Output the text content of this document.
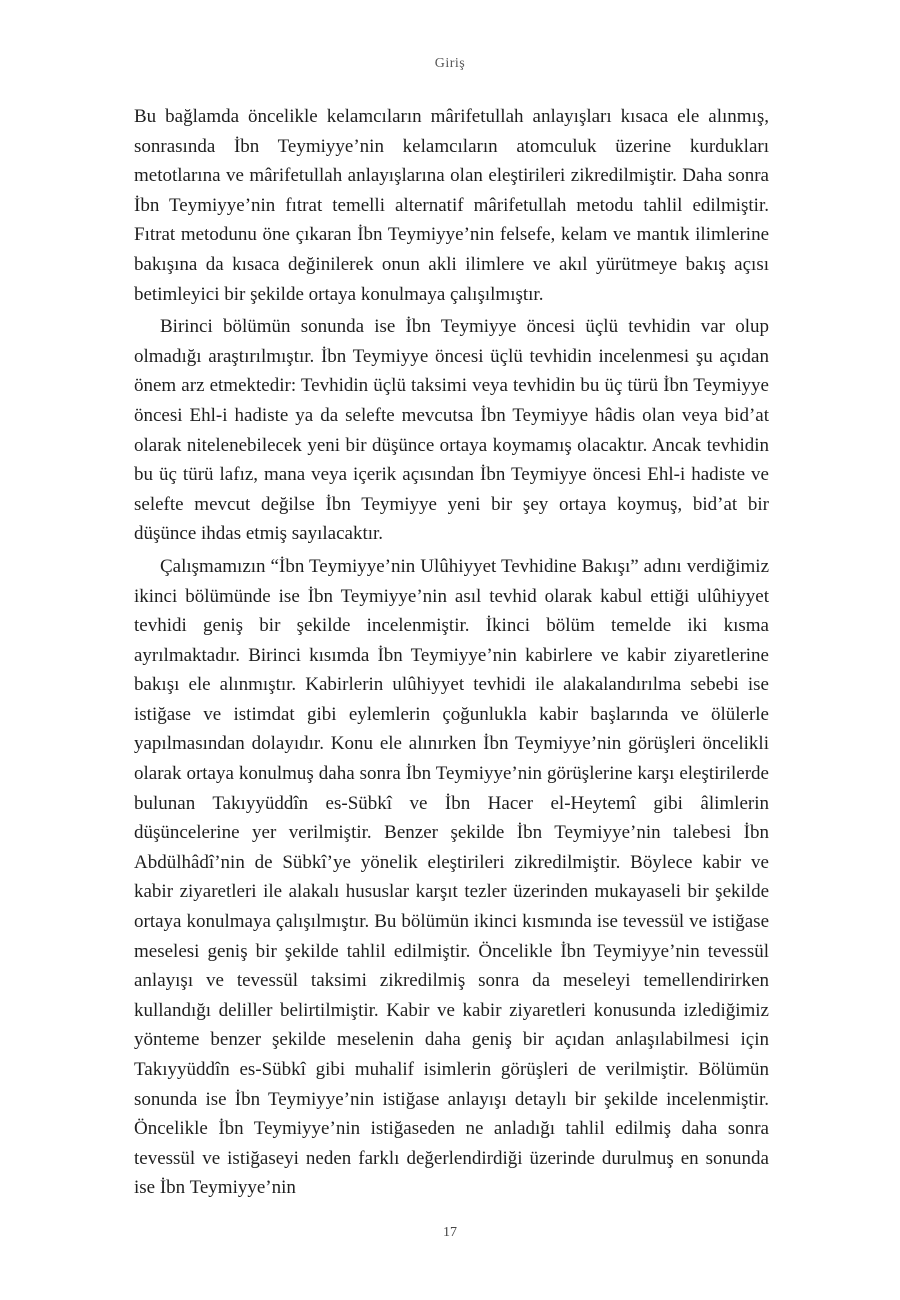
Giriş

Bu bağlamda öncelikle kelamcıların mârifetullah anlayışları kısaca ele alınmış, sonrasında İbn Teymiyye’nin kelamcıların atomculuk üzerine kurdukları metotlarına ve mârifetullah anlayışlarına olan eleştirileri zikredilmiştir. Daha sonra İbn Teymiyye’nin fıtrat temelli alternatif mârifetullah metodu tahlil edilmiştir. Fıtrat metodunu öne çıkaran İbn Teymiyye’nin felsefe, kelam ve mantık ilimlerine bakışına da kısaca değinilerek onun akli ilimlere ve akıl yürütmeye bakış açısı betimleyici bir şekilde ortaya konulmaya çalışılmıştır.

Birinci bölümün sonunda ise İbn Teymiyye öncesi üçlü tevhidin var olup olmadığı araştırılmıştır. İbn Teymiyye öncesi üçlü tevhidin incelenmesi şu açıdan önem arz etmektedir: Tevhidin üçlü taksimi veya tevhidin bu üç türü İbn Teymiyye öncesi Ehl-i hadiste ya da selefte mevcutsa İbn Teymiyye hâdis olan veya bid’at olarak nitelenebilecek yeni bir düşünce ortaya koymamış olacaktır. Ancak tevhidin bu üç türü lafız, mana veya içerik açısından İbn Teymiyye öncesi Ehl-i hadiste ve selefte mevcut değilse İbn Teymiyye yeni bir şey ortaya koymuş, bid’at bir düşünce ihdas etmiş sayılacaktır.

Çalışmamızın “İbn Teymiyye’nin Ulûhiyyet Tevhidine Bakışı” adını verdiğimiz ikinci bölümünde ise İbn Teymiyye’nin asıl tevhid olarak kabul ettiği ulûhiyyet tevhidi geniş bir şekilde incelenmiştir. İkinci bölüm temelde iki kısma ayrılmaktadır. Birinci kısımda İbn Teymiyye’nin kabirlere ve kabir ziyaretlerine bakışı ele alınmıştır. Kabirlerin ulûhiyyet tevhidi ile alakalandırılma sebebi ise istiğase ve istimdat gibi eylemlerin çoğunlukla kabir başlarında ve ölülerle yapılmasından dolayıdır. Konu ele alınırken İbn Teymiyye’nin görüşleri öncelikli olarak ortaya konulmuş daha sonra İbn Teymiyye’nin görüşlerine karşı eleştirilerde bulunan Takıyyüddîn es-Sübkî ve İbn Hacer el-Heytemî gibi âlimlerin düşüncelerine yer verilmiştir. Benzer şekilde İbn Teymiyye’nin talebesi İbn Abdülhâdî’nin de Sübkî’ye yönelik eleştirileri zikredilmiştir. Böylece kabir ve kabir ziyaretleri ile alakalı hususlar karşıt tezler üzerinden mukayaseli bir şekilde ortaya konulmaya çalışılmıştır. Bu bölümün ikinci kısmında ise tevessül ve istiğase meselesi geniş bir şekilde tahlil edilmiştir. Öncelikle İbn Teymiyye’nin tevessül anlayışı ve tevessül taksimi zikredilmiş sonra da meseleyi temellendirirken kullandığı deliller belirtilmiştir. Kabir ve kabir ziyaretleri konusunda izlediğimiz yönteme benzer şekilde meselenin daha geniş bir açıdan anlaşılabilmesi için Takıyyüddîn es-Sübkî gibi muhalif isimlerin görüşleri de verilmiştir. Bölümün sonunda ise İbn Teymiyye’nin istiğase anlayışı detaylı bir şekilde incelenmiştir. Öncelikle İbn Teymiyye’nin istiğaseden ne anladığı tahlil edilmiş daha sonra tevessül ve istiğaseyi neden farklı değerlendirdiği üzerinde durulmuş en sonunda ise İbn Teymiyye’nin

17
